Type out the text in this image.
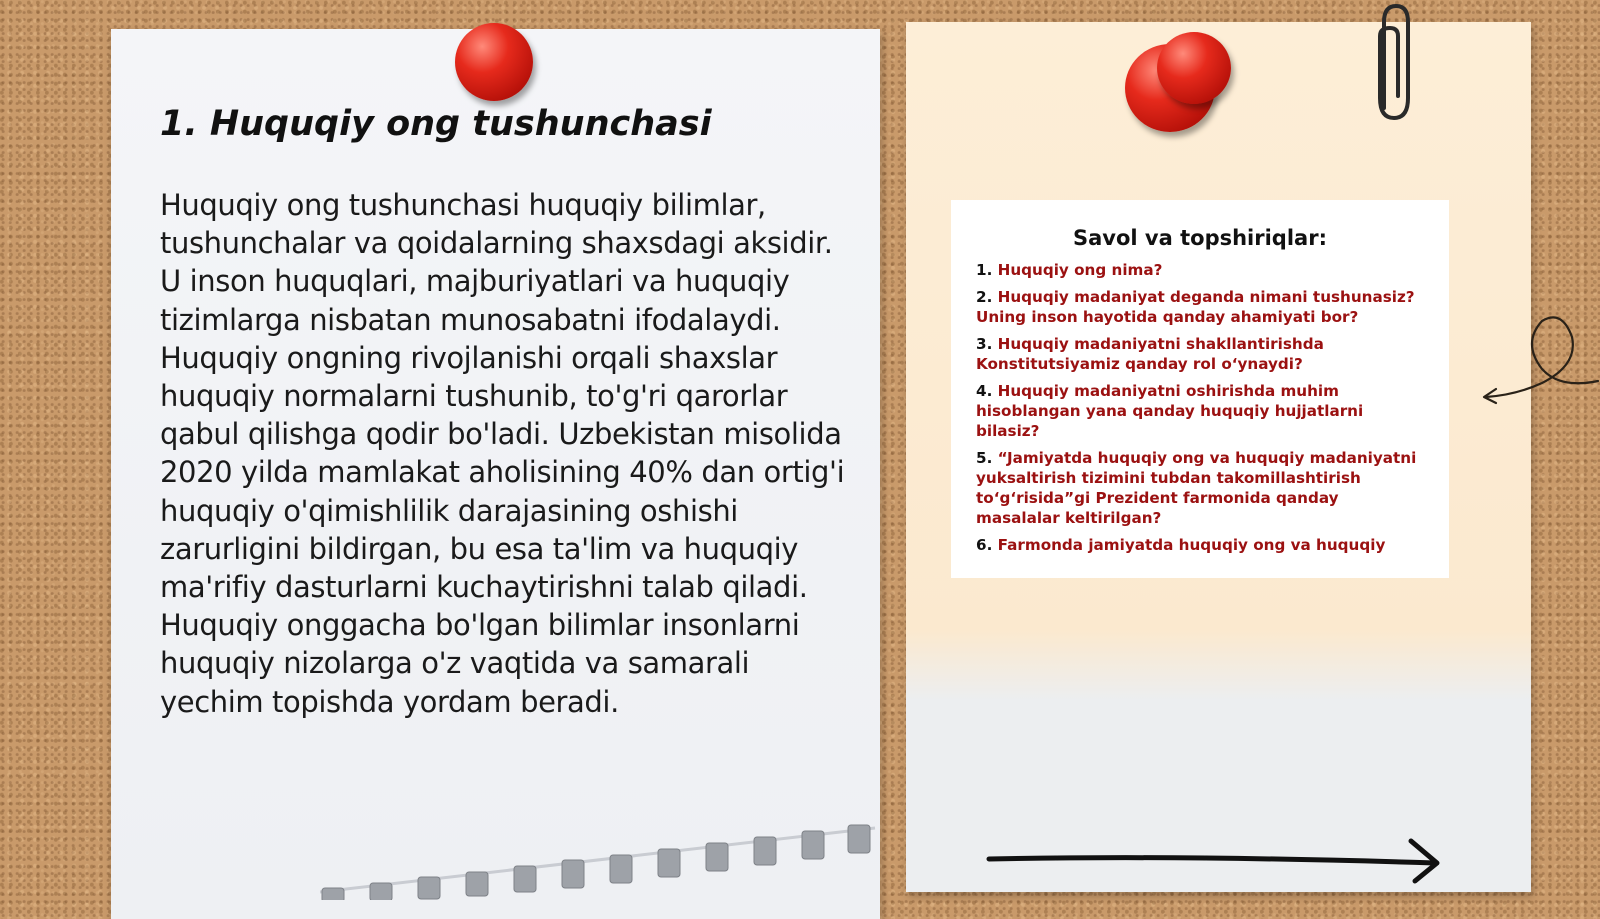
1. Huquqiy ong tushunchasi

Huquqiy ong tushunchasi huquqiy bilimlar, tushunchalar va qoidalarning shaxsdagi aksidir. U inson huquqlari, majburiyatlari va huquqiy tizimlarga nisbatan munosabatni ifodalaydi. Huquqiy ongning rivojlanishi orqali shaxslar huquqiy normalarni tushunib, to'g'ri qarorlar qabul qilishga qodir bo'ladi. Uzbekistan misolida 2020 yilda mamlakat aholisining 40% dan ortig'i huquqiy o'qimishlilik darajasining oshishi zarurligini bildirgan, bu esa ta'lim va huquqiy ma'rifiy dasturlarni kuchaytirishni talab qiladi. Huquqiy onggacha bo'lgan bilimlar insonlarni huquqiy nizolarga o'z vaqtida va samarali yechim topishda yordam beradi.

Savol va topshiriqlar:
1. Huquqiy ong nima?
2. Huquqiy madaniyat deganda nimani tushunasiz? Uning inson hayotida qanday ahamiyati bor?
3. Huquqiy madaniyatni shakllantirishda Konstitutsiyamiz qanday rol o‘ynaydi?
4. Huquqiy madaniyatni oshirishda muhim hisoblangan yana qanday huquqiy hujjatlarni bilasiz?
5. “Jamiyatda huquqiy ong va huquqiy madaniyatni yuksaltirish tizimini tubdan takomillashtirish to‘g‘risida”gi Prezident farmonida qanday masalalar keltirilgan?
6. Farmonda jamiyatda huquqiy ong va huquqiy
